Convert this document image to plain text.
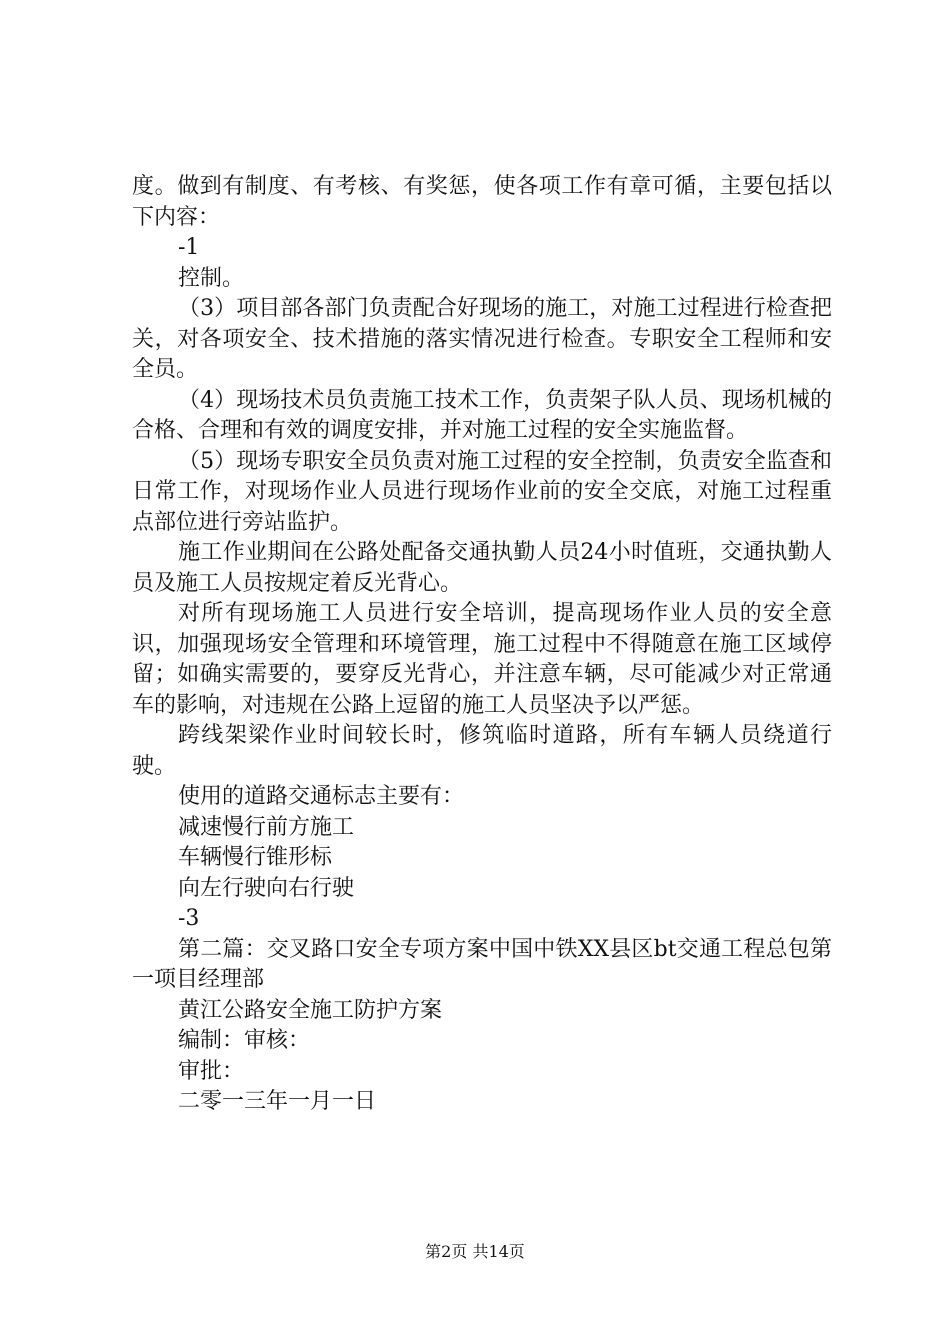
度。做到有制度、有考核、有奖惩，使各项工作有章可循，主要包括以下内容：

-1

控制。

（3）项目部各部门负责配合好现场的施工，对施工过程进行检查把关，对各项安全、技术措施的落实情况进行检查。专职安全工程师和安全员。

（4）现场技术员负责施工技术工作，负责架子队人员、现场机械的合格、合理和有效的调度安排，并对施工过程的安全实施监督。

（5）现场专职安全员负责对施工过程的安全控制，负责安全监查和日常工作，对现场作业人员进行现场作业前的安全交底，对施工过程重点部位进行旁站监护。

施工作业期间在公路处配备交通执勤人员24小时值班，交通执勤人员及施工人员按规定着反光背心。

对所有现场施工人员进行安全培训，提高现场作业人员的安全意识，加强现场安全管理和环境管理，施工过程中不得随意在施工区域停留；如确实需要的，要穿反光背心，并注意车辆，尽可能减少对正常通车的影响，对违规在公路上逗留的施工人员坚决予以严惩。

跨线架梁作业时间较长时，修筑临时道路，所有车辆人员绕道行驶。

使用的道路交通标志主要有：

减速慢行前方施工

车辆慢行锥形标

向左行驶向右行驶

-3

第二篇：交叉路口安全专项方案中国中铁XX县区bt交通工程总包第一项目经理部

黄江公路安全施工防护方案

编制：审核：

审批：

二零一三年一月一日

第2页 共14页
